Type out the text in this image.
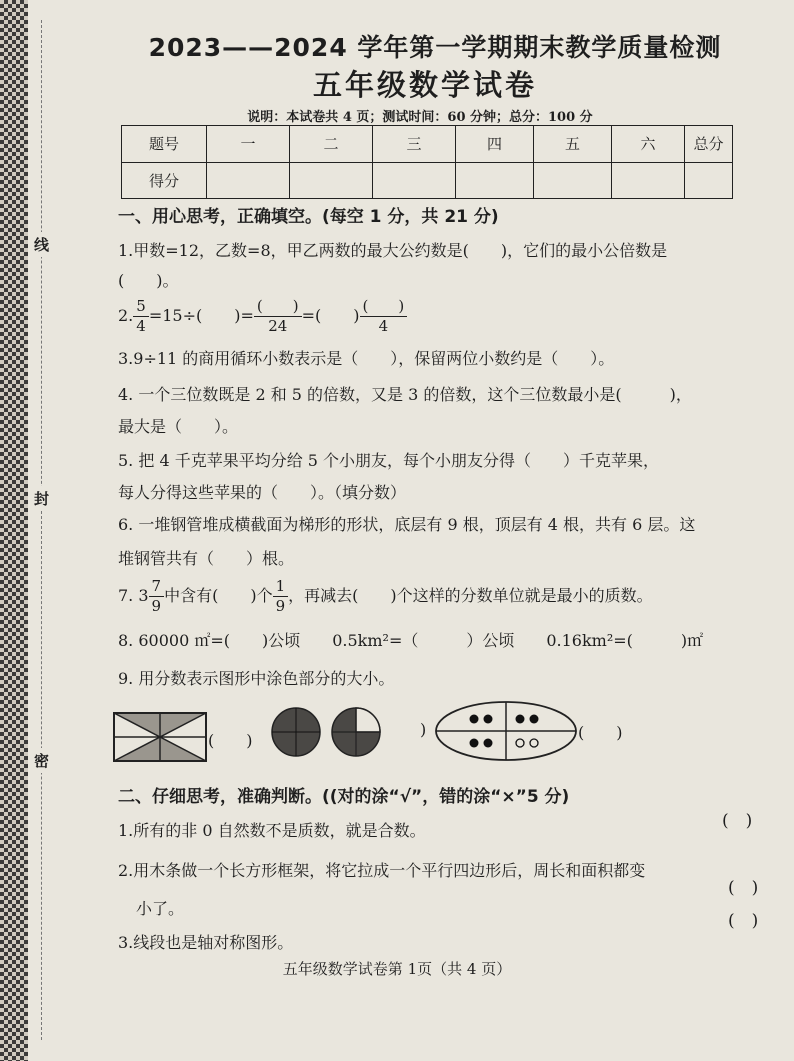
线
封
密
2023——2024 学年第一学期期末教学质量检测
五年级数学试卷
说明：本试卷共 4 页；测试时间：60 分钟；总分：100 分
题号	一	二	三	四	五	六	总分
得分							
一、用心思考，正确填空。(每空 1 分，共 21 分)
1.甲数=12，乙数=8，甲乙两数的最大公约数是(　　)，它们的最小公倍数是
(　　)。
2. $\frac{5}{4} =15\div$(　　)= $\frac{( )}{24}$ =(　　) $\frac{( )}{4}$
3.9÷11 的商用循环小数表示是（　　），保留两位小数约是（　　）。
4. 一个三位数既是 2 和 5 的倍数，又是 3 的倍数，这个三位数最小是(　　　)，
最大是（　　）。
5. 把 4 千克苹果平均分给 5 个小朋友，每个小朋友分得（　　）千克苹果，
每人分得这些苹果的（　　）。（填分数）
6. 一堆钢管堆成横截面为梯形的形状，底层有 9 根，顶层有 4 根，共有 6 层。这
堆钢管共有（　　）根。
7. $3 \frac{7}{9}$ 中含有(　　)个 $\frac{1}{9}$ ，再减去(　　)个这样的分数单位就是最小的质数。
8. 60000 ㎡=(　　)公顷　　0.5km²=（　　　）公顷　　0.16km²=(　　　)㎡
9. 用分数表示图形中涂色部分的大小。
(　　)
)	(　　)
二、仔细思考，准确判断。((对的涂“√”，错的涂“×”5 分)
1.所有的非 0 自然数不是质数，就是合数。	(　)
2.用木条做一个长方形框架，将它拉成一个平行四边形后，周长和面积都变
小了。
(　)
3.线段也是轴对称图形。
(　)
五年级数学试卷第 1页（共 4 页）
